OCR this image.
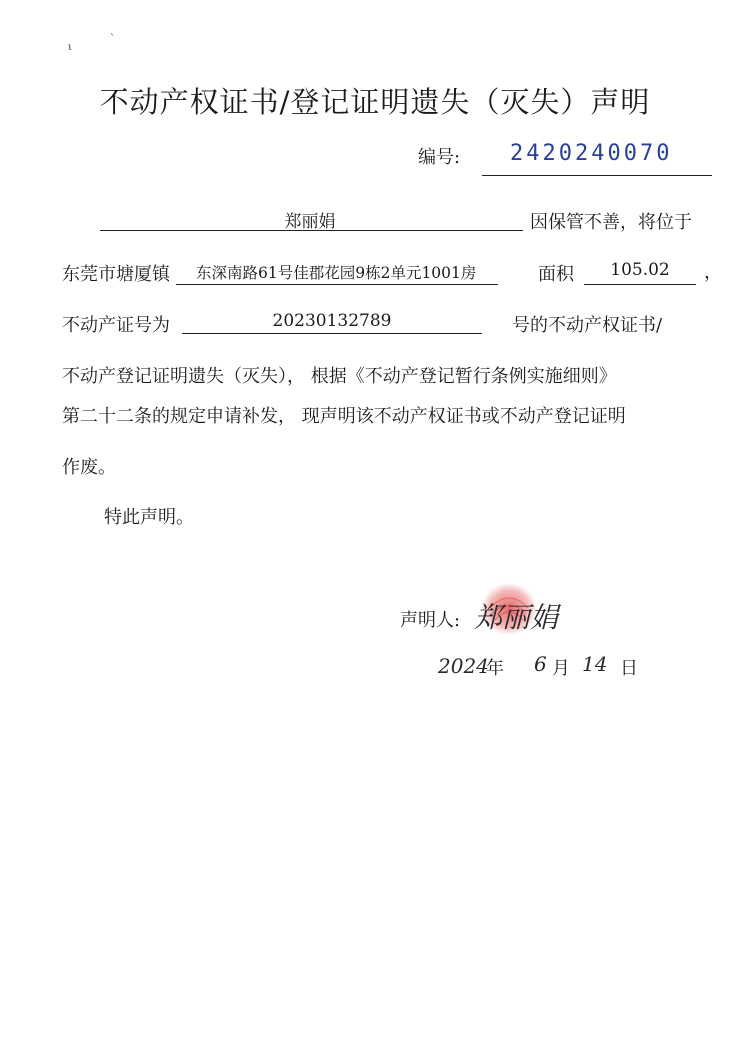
ι
`
不动产权证书/登记证明遗失（灭失）声明
编号: 2420240070
郑丽娟	因保管不善，将位于
东莞市塘厦镇 东深南路61号佳郡花园9栋2单元1001房	面积	105.02	，
不动产证号为	20230132789	号的不动产权证书/
不动产登记证明遗失（灭失）， 根据《不动产登记暂行条例实施细则》
第二十二条的规定申请补发， 现声明该不动产权证书或不动产登记证明
作废。
特此声明。
声明人: 郑丽娟
2024
年 6 月 14 日
